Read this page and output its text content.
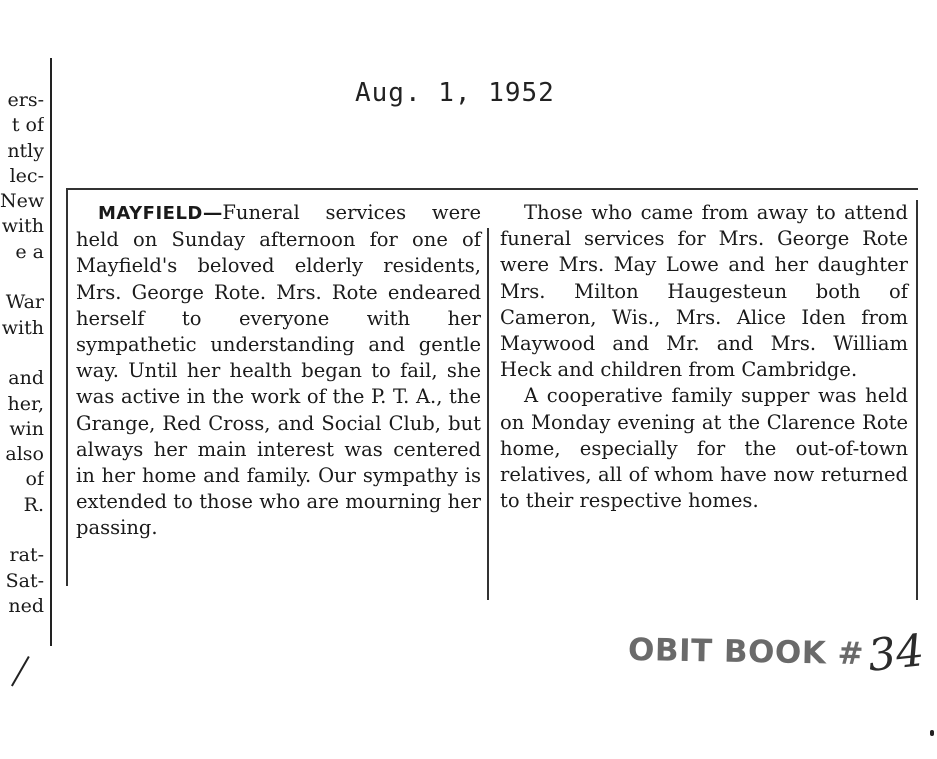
ers-
t of
ntly
lec-
New
with
e a

War
with

and
her,
win
also
of
R.

rat-
Sat-
ned
Aug. 1, 1952

MAYFIELD—Funeral services were held on Sunday afternoon for one of Mayfield's beloved elderly residents, Mrs. George Rote. Mrs. Rote endeared herself to everyone with her sympathetic understanding and gentle way. Until her health began to fail, she was active in the work of the P. T. A., the Grange, Red Cross, and Social Club, but always her main interest was centered in her home and family. Our sympathy is extended to those who are mourning her passing.

Those who came from away to attend funeral services for Mrs. George Rote were Mrs. May Lowe and her daughter Mrs. Milton Haugesteun both of Cameron, Wis., Mrs. Alice Iden from Maywood and Mr. and Mrs. William Heck and children from Cambridge.

A cooperative family supper was held on Monday evening at the Clarence Rote home, especially for the out-of-town relatives, all of whom have now returned to their respective homes.

OBIT BOOK # 34
